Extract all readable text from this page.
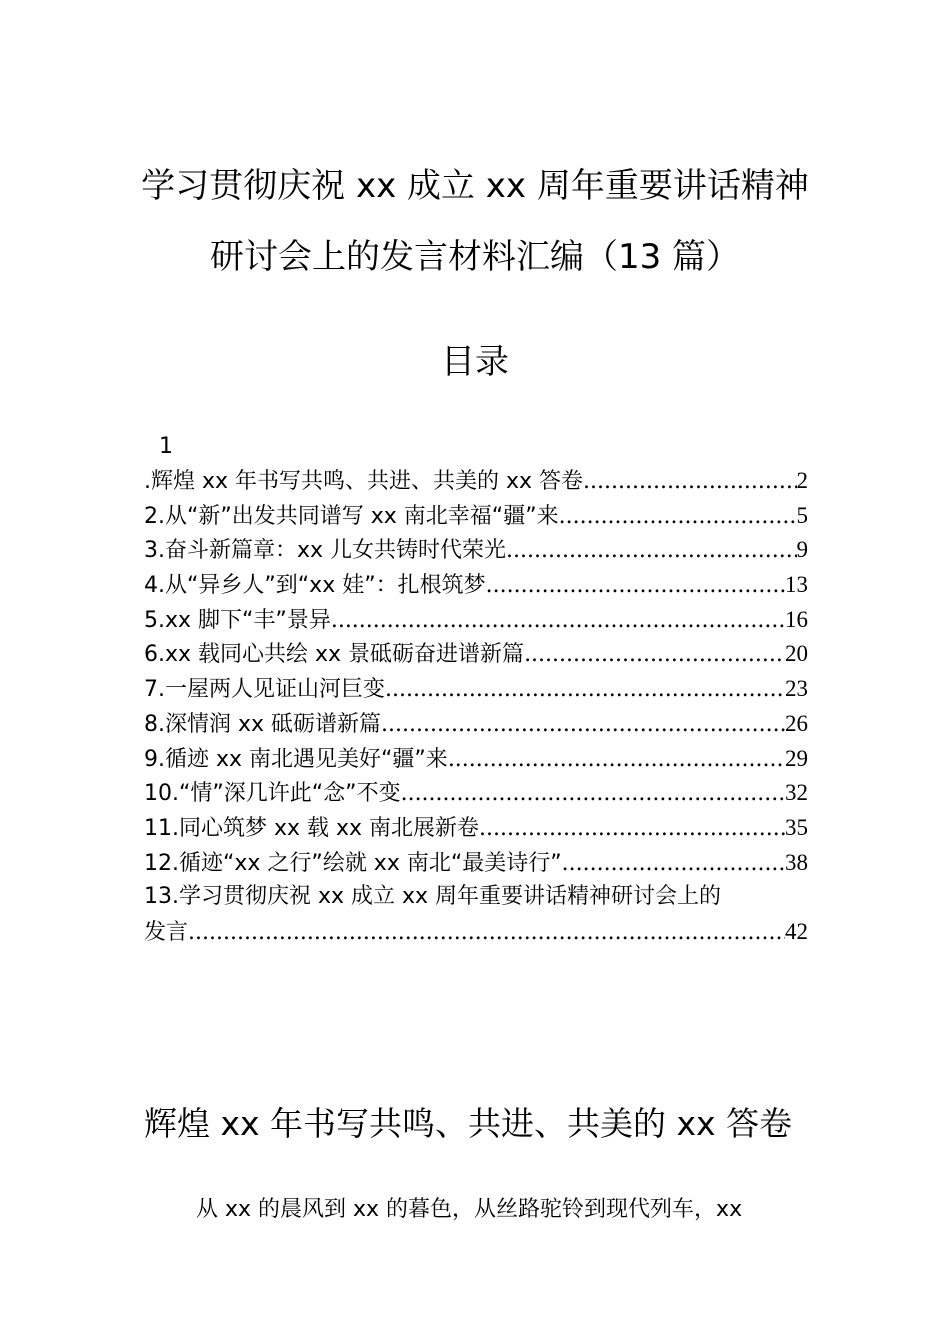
学习贯彻庆祝 xx 成立 xx 周年重要讲话精神
研讨会上的发言材料汇编（13 篇）
目录
1
.辉煌 xx 年书写共鸣、共进、共美的 xx 答卷 .....	2
2.从“新”出发共同谱写 xx 南北幸福“疆”来 .....	5
3.奋斗新篇章：xx 儿女共铸时代荣光 .....	9
4.从“异乡人”到“xx 娃”：扎根筑梦 .....	13
5.xx 脚下“丰”景异 .....	16
6.xx 载同心共绘 xx 景砥砺奋进谱新篇 .....	20
7.一屋两人见证山河巨变 .....	23
8.深情润 xx 砥砺谱新篇 .....	26
9.循迹 xx 南北遇见美好“疆”来 .....	29
10.“情”深几许此“念”不变 .....	32
11.同心筑梦 xx 载 xx 南北展新卷 .....	35
12.循迹“xx 之行”绘就 xx 南北“最美诗行” .....	38
13.学习贯彻庆祝 xx 成立 xx 周年重要讲话精神研讨会上的
发言 .....	42
辉煌 xx 年书写共鸣、共进、共美的 xx 答卷
从 xx 的晨风到 xx 的暮色，从丝路驼铃到现代列车，xx
